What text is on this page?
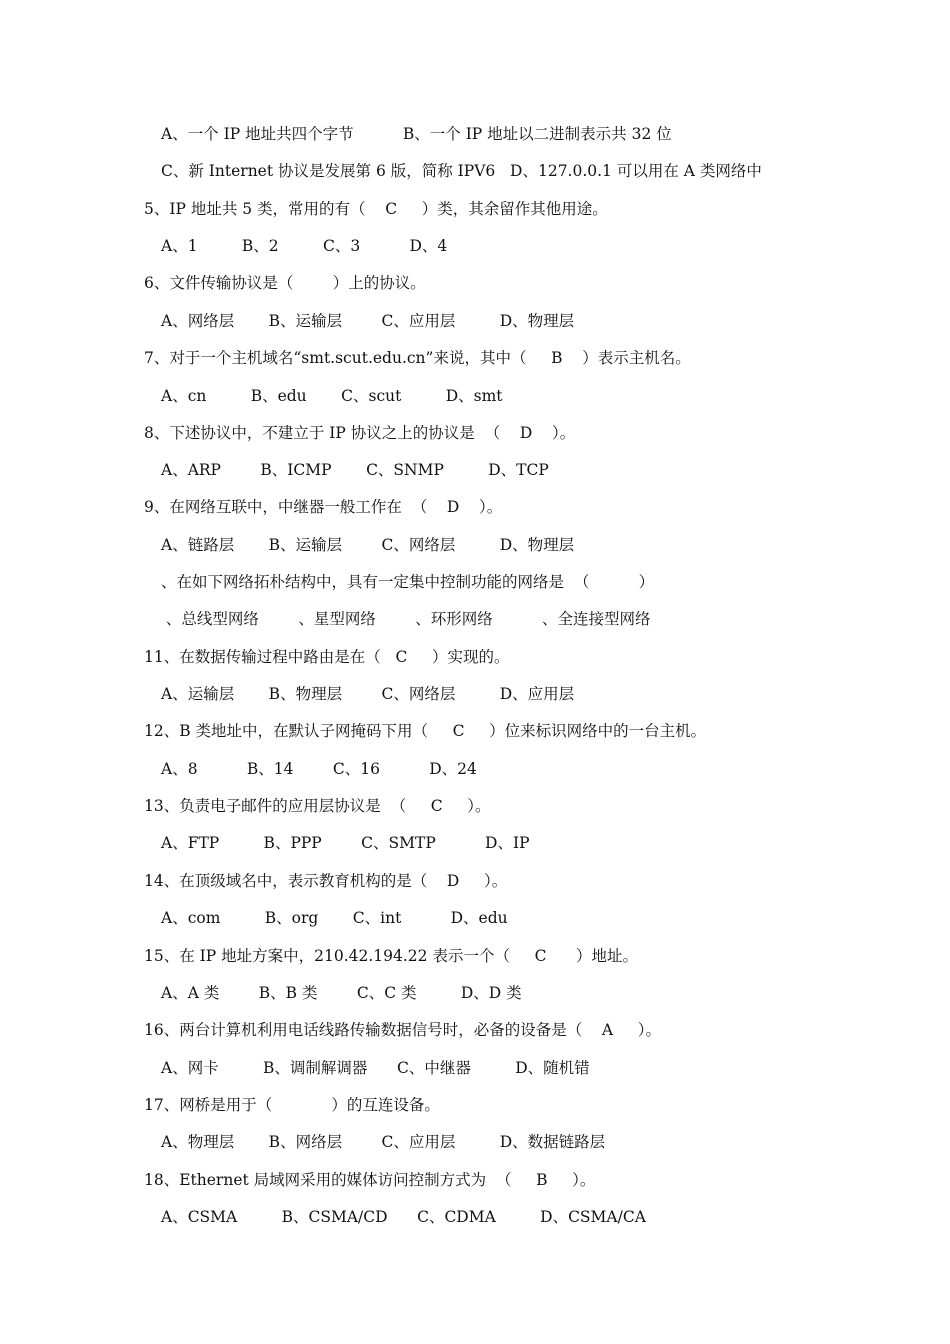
A、一个 IP 地址共四个字节          B、一个 IP 地址以二进制表示共 32 位
C、新 Internet 协议是发展第 6 版，简称 IPV6   D、127.0.0.1 可以用在 A 类网络中
5、IP 地址共 5 类，常用的有（    C     ）类，其余留作其他用途。
A、1         B、2         C、3          D、4
6、文件传输协议是（        ）上的协议。
A、网络层       B、运输层        C、应用层         D、物理层
7、对于一个主机域名“smt.scut.edu.cn”来说，其中（     B    ）表示主机名。
A、cn         B、edu       C、scut         D、smt
8、下述协议中，不建立于 IP 协议之上的协议是  （    D    ）。
A、ARP        B、ICMP       C、SNMP         D、TCP
9、在网络互联中，中继器一般工作在  （    D    ）。
A、链路层       B、运输层        C、网络层         D、物理层
、在如下网络拓朴结构中，具有一定集中控制功能的网络是  （          ）
、总线型网络        、星型网络        、环形网络          、全连接型网络
11、在数据传输过程中路由是在（   C     ）实现的。
A、运输层       B、物理层        C、网络层         D、应用层
12、B 类地址中，在默认子网掩码下用（     C     ）位来标识网络中的一台主机。
A、8          B、14        C、16          D、24
13、负责电子邮件的应用层协议是  （     C     ）。
A、FTP         B、PPP        C、SMTP          D、IP
14、在顶级域名中，表示教育机构的是（    D     ）。
A、com         B、org       C、int          D、edu
15、在 IP 地址方案中，210.42.194.22 表示一个（     C      ）地址。
A、A 类        B、B 类        C、C 类         D、D 类
16、两台计算机利用电话线路传输数据信号时，必备的设备是（    A     ）。
A、网卡         B、调制解调器      C、中继器         D、随机错
17、网桥是用于（            ）的互连设备。
A、物理层       B、网络层        C、应用层         D、数据链路层
18、Ethernet 局域网采用的媒体访问控制方式为  （     B     ）。
A、CSMA         B、CSMA/CD      C、CDMA         D、CSMA/CA
